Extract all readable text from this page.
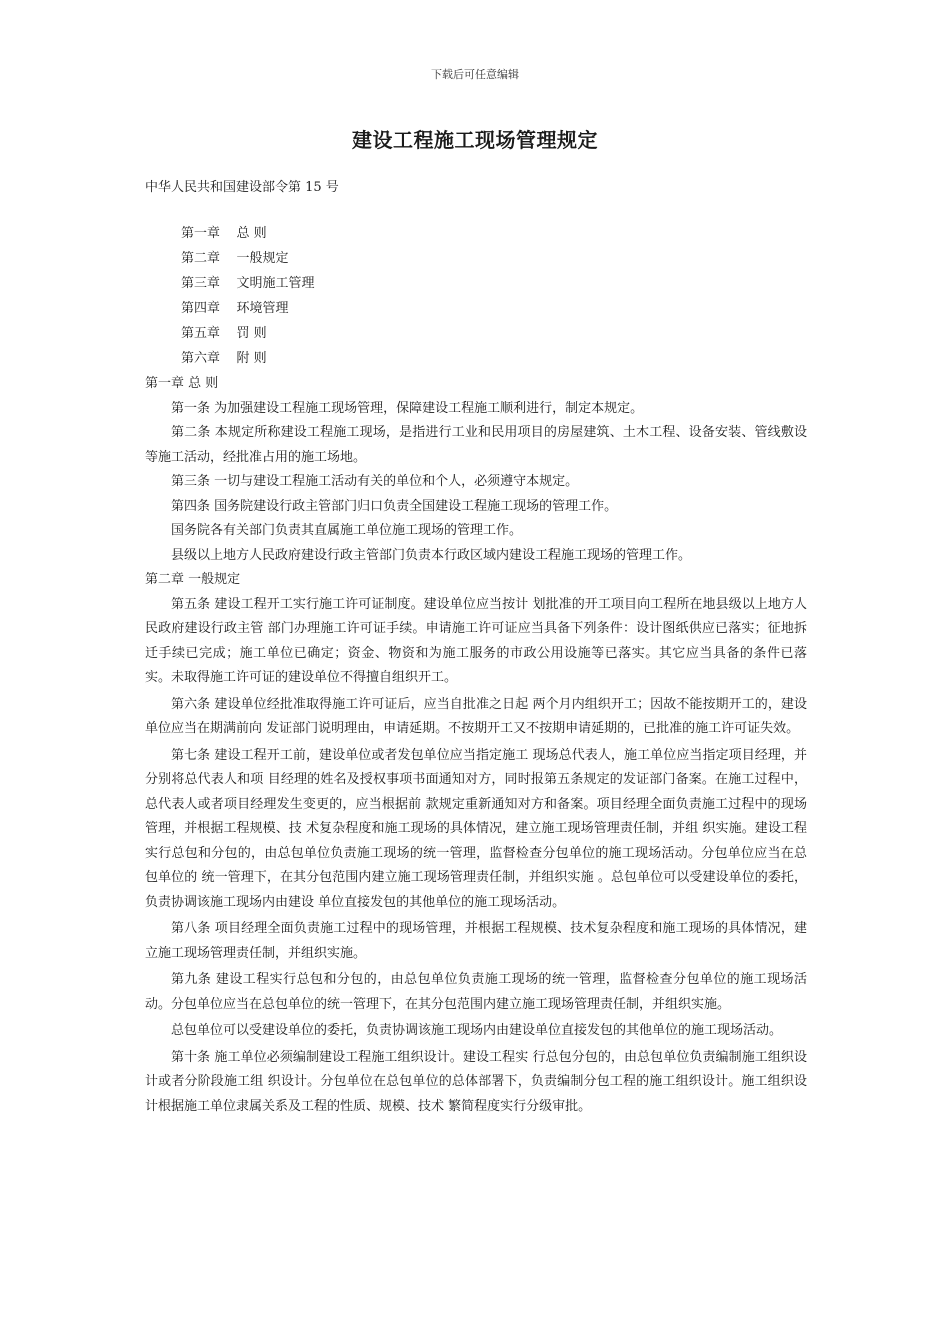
下载后可任意编辑
建设工程施工现场管理规定
中华人民共和国建设部令第 15 号
第一章    总 则
第二章    一般规定
第三章    文明施工管理
第四章    环境管理
第五章    罚 则
第六章    附 则

第一章 总 则

第一条 为加强建设工程施工现场管理，保障建设工程施工顺利进行，制定本规定。

第二条 本规定所称建设工程施工现场，是指进行工业和民用项目的房屋建筑、土木工程、设备安装、管线敷设等施工活动，经批准占用的施工场地。

第三条 一切与建设工程施工活动有关的单位和个人，必须遵守本规定。

第四条 国务院建设行政主管部门归口负责全国建设工程施工现场的管理工作。

国务院各有关部门负责其直属施工单位施工现场的管理工作。

县级以上地方人民政府建设行政主管部门负责本行政区域内建设工程施工现场的管理工作。

第二章 一般规定

第五条 建设工程开工实行施工许可证制度。建设单位应当按计 划批准的开工项目向工程所在地县级以上地方人民政府建设行政主管 部门办理施工许可证手续。申请施工许可证应当具备下列条件：设计图纸供应已落实；征地拆迁手续已完成；施工单位已确定；资金、物资和为施工服务的市政公用设施等已落实。其它应当具备的条件已落实。未取得施工许可证的建设单位不得擅自组织开工。

第六条 建设单位经批准取得施工许可证后，应当自批准之日起 两个月内组织开工；因故不能按期开工的，建设单位应当在期满前向 发证部门说明理由，申请延期。不按期开工又不按期申请延期的，已批准的施工许可证失效。

第七条 建设工程开工前，建设单位或者发包单位应当指定施工 现场总代表人，施工单位应当指定项目经理，并分别将总代表人和项 目经理的姓名及授权事项书面通知对方，同时报第五条规定的发证部门备案。在施工过程中，总代表人或者项目经理发生变更的，应当根据前 款规定重新通知对方和备案。项目经理全面负责施工过程中的现场管理，并根据工程规模、技 术复杂程度和施工现场的具体情况，建立施工现场管理责任制，并组 织实施。建设工程实行总包和分包的，由总包单位负责施工现场的统一管理，监督检查分包单位的施工现场活动。分包单位应当在总包单位的 统一管理下，在其分包范围内建立施工现场管理责任制，并组织实施 。总包单位可以受建设单位的委托，负责协调该施工现场内由建设 单位直接发包的其他单位的施工现场活动。

第八条 项目经理全面负责施工过程中的现场管理，并根据工程规模、技术复杂程度和施工现场的具体情况，建立施工现场管理责任制，并组织实施。

第九条 建设工程实行总包和分包的，由总包单位负责施工现场的统一管理，监督检查分包单位的施工现场活动。分包单位应当在总包单位的统一管理下，在其分包范围内建立施工现场管理责任制，并组织实施。

总包单位可以受建设单位的委托，负责协调该施工现场内由建设单位直接发包的其他单位的施工现场活动。

第十条 施工单位必须编制建设工程施工组织设计。建设工程实 行总包分包的，由总包单位负责编制施工组织设计或者分阶段施工组 织设计。分包单位在总包单位的总体部署下，负责编制分包工程的施工组织设计。施工组织设计根据施工单位隶属关系及工程的性质、规模、技术 繁简程度实行分级审批。
